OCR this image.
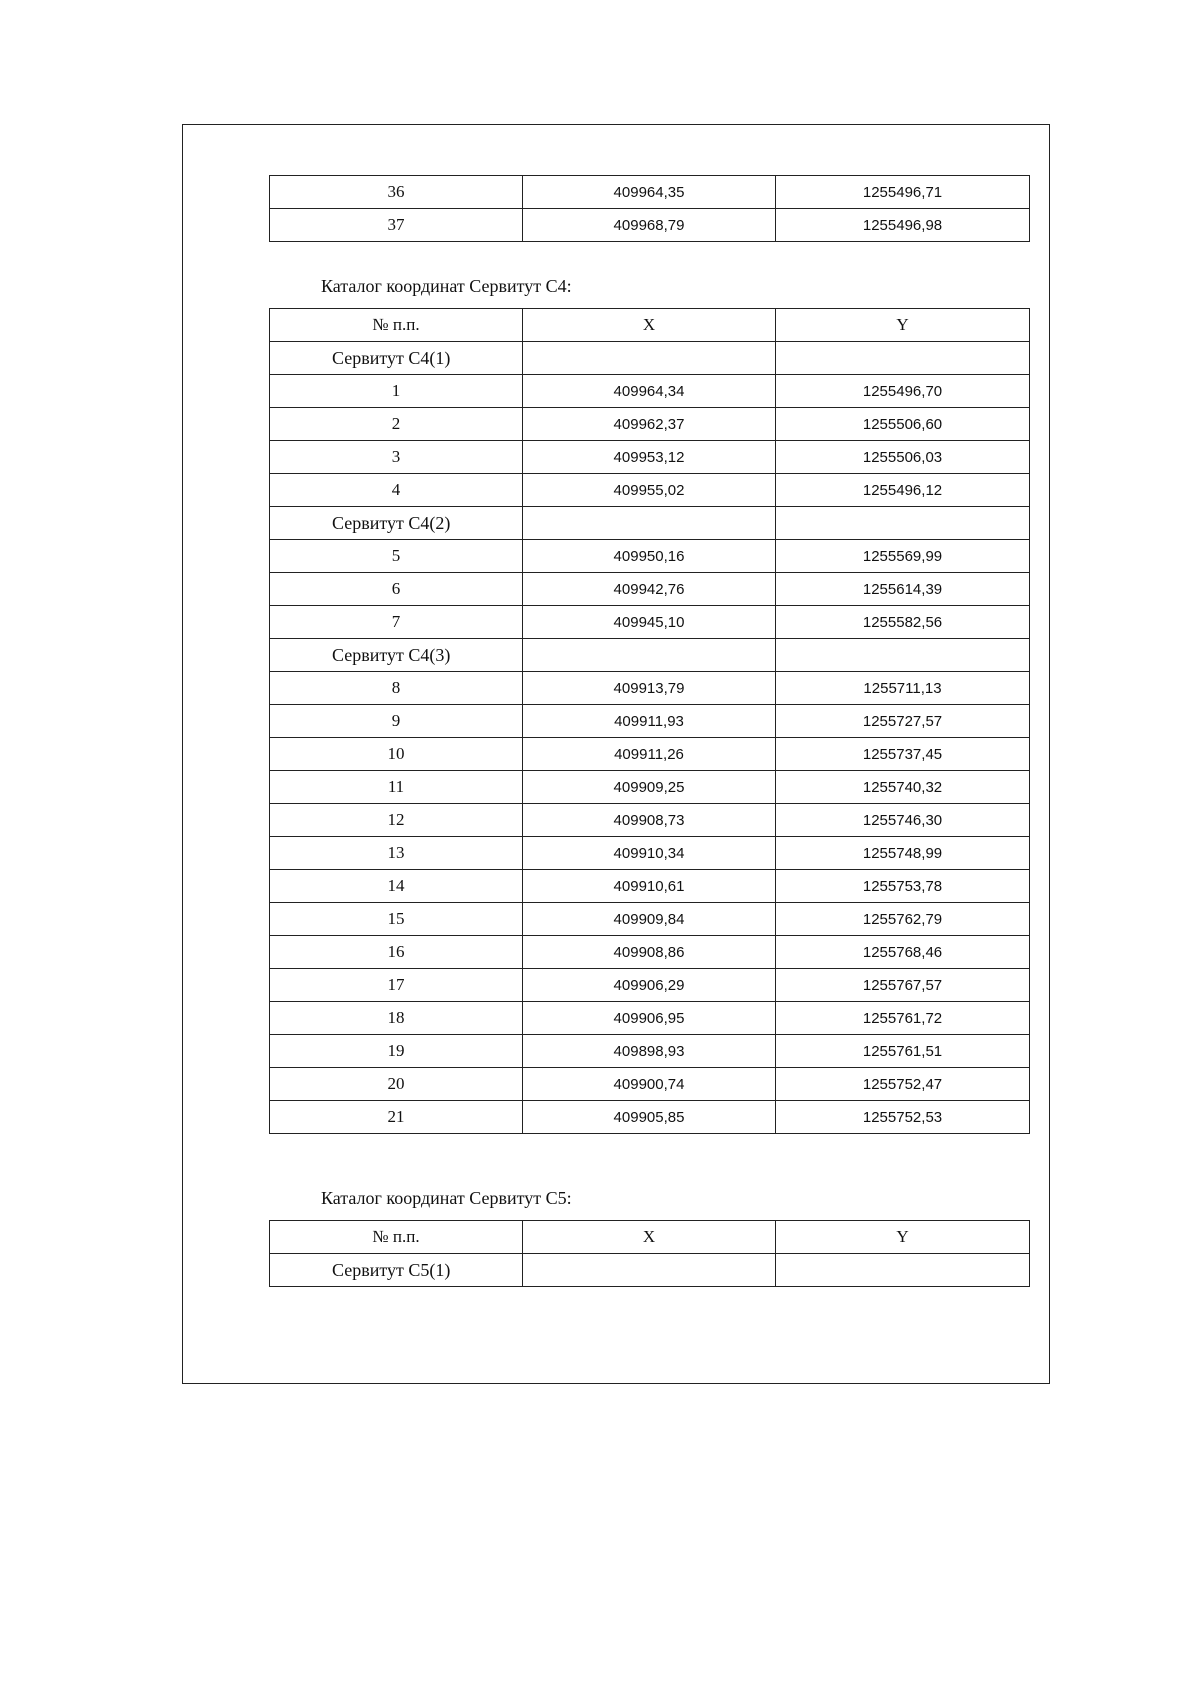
36	409964,35	1255496,71
37	409968,79	1255496,98
Каталог координат Сервитут С4:
№ п.п.	X	Y
Сервитут С4(1)		
1	409964,34	1255496,70
2	409962,37	1255506,60
3	409953,12	1255506,03
4	409955,02	1255496,12
Сервитут С4(2)		
5	409950,16	1255569,99
6	409942,76	1255614,39
7	409945,10	1255582,56
Сервитут С4(3)		
8	409913,79	1255711,13
9	409911,93	1255727,57
10	409911,26	1255737,45
11	409909,25	1255740,32
12	409908,73	1255746,30
13	409910,34	1255748,99
14	409910,61	1255753,78
15	409909,84	1255762,79
16	409908,86	1255768,46
17	409906,29	1255767,57
18	409906,95	1255761,72
19	409898,93	1255761,51
20	409900,74	1255752,47
21	409905,85	1255752,53
Каталог координат Сервитут С5:
№ п.п.	X	Y
Сервитут С5(1)		
